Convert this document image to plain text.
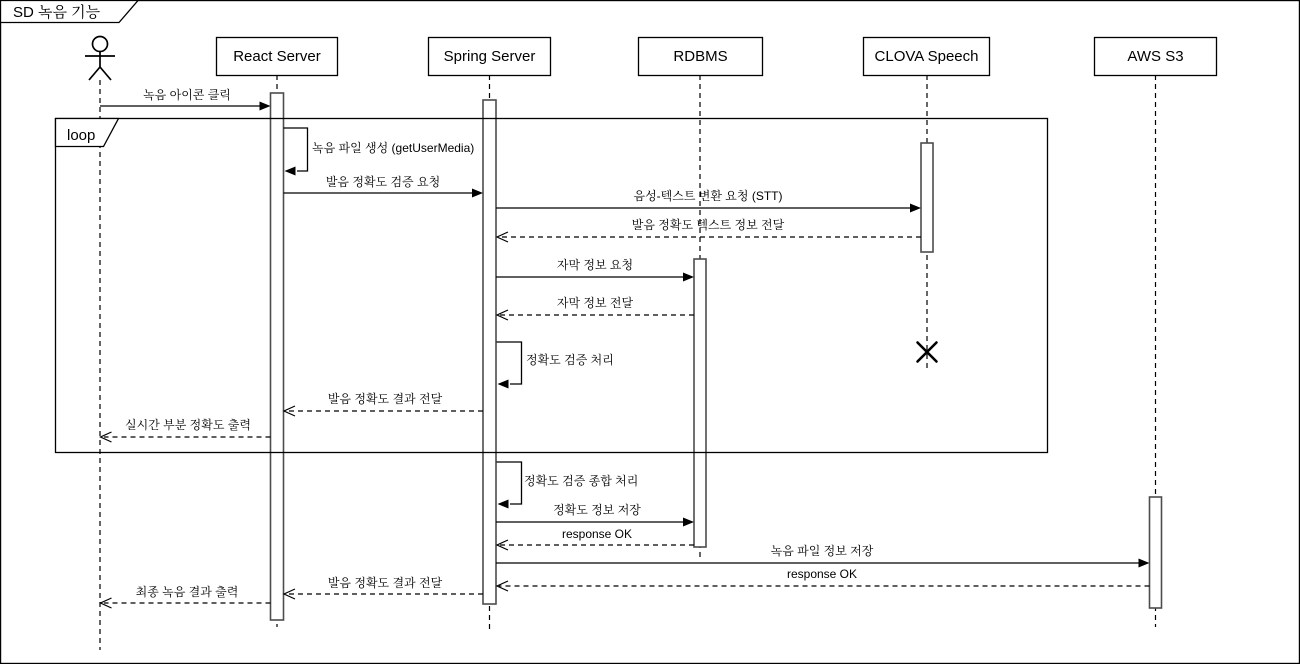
SD 녹음 기능
React Server	Spring Server	RDBMS	CLOVA Speech	AWS S3
loop
녹음 아이콘 클릭
녹음 파일 생성 (getUserMedia)
발음 정확도 검증 요청
음성-텍스트 변환 요청 (STT)
발음 정확도 텍스트 정보 전달
자막 정보 요청
자막 정보 전달
정확도 검증 처리
발음 정확도 결과 전달
실시간 부분 정확도 출력
정확도 검증 종합 처리
정확도 정보 저장
response OK
녹음 파일 정보 저장
response OK
발음 정확도 결과 전달
최종 녹음 결과 출력
